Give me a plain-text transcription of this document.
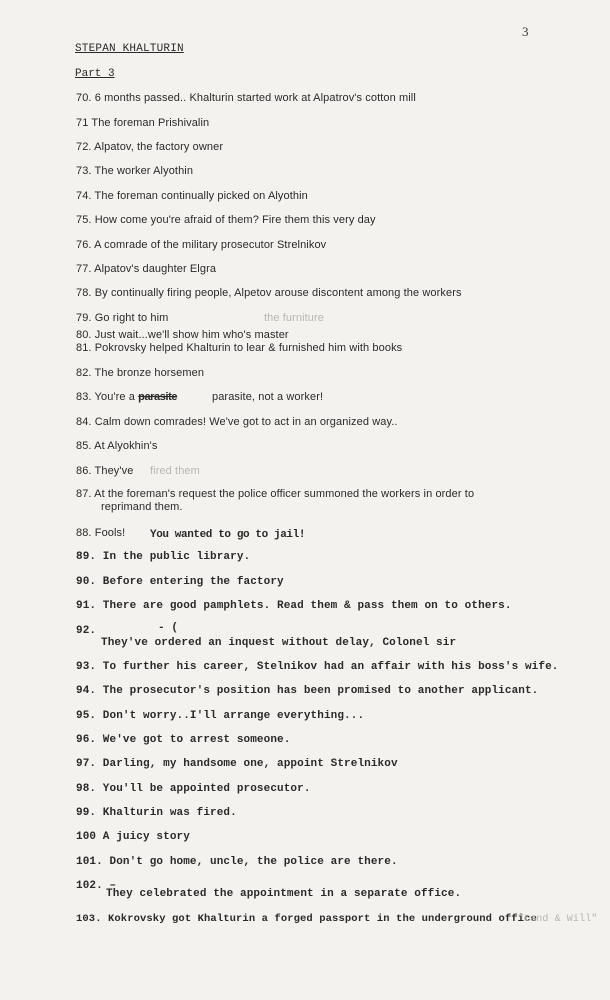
3
STEPAN KHALTURIN
Part 3
70. 6 months passed.. Khalturin started work at Alpatrov's cotton mill
71 The foreman Prishivalin
72. Alpatov, the factory owner
73. The worker Alyothin
74. The foreman continually picked on Alyothin
75. How come you're afraid of them? Fire them this very day
76. A comrade of the military prosecutor Strelnikov
77. Alpatov's daughter Elgra
78. By continually firing people, Alpetov arouse discontent among the workers
79. Go right to him	the furniture
80. Just wait...we'll show him who's master
81. Pokrovsky helped Khalturin to lear & furnished him with books
82. The bronze horsemen
83. You're a parasite	parasite, not a worker!
84. Calm down comrades! We've got to act in an organized way..
85. At Alyokhin's
86. They've fired them
87. At the foreman's request the police officer summoned the workers in order to
reprimand them.
88. Fools! You wanted to go to jail!
89. In the public library.
90. Before entering the factory
91. There are good pamphlets. Read them & pass them on to others.
92.	- (
They've ordered an inquest without delay, Colonel sir
93. To further his career, Stelnikov had an affair with his boss's wife.
94. The prosecutor's position has been promised to another applicant.
95. Don't worry..I'll arrange everything...
96. We've got to arrest someone.
97. Darling, my handsome one, appoint Strelnikov
98. You'll be appointed prosecutor.
99. Khalturin was fired.
100 A juicy story
101. Don't go home, uncle, the police are there.
102. –
They celebrated the appointment in a separate office.
103. Kokrovsky got Khalturin a forged passport in the underground office
"Land & Will"
